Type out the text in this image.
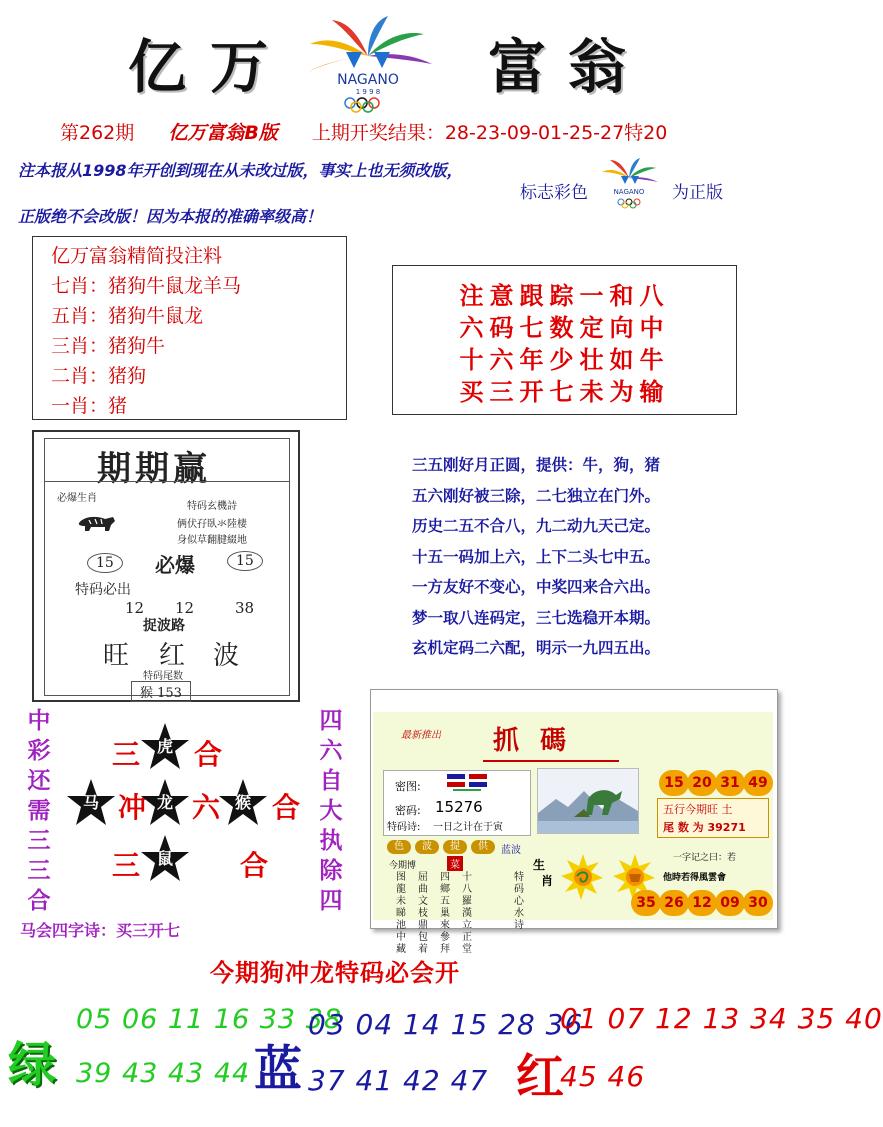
亿 万	NAGANO
1 9 9 8 富 翁
第262期 亿万富翁B版 上期开奖结果：28-23-09-01-25-27特20
注本报从1998年开创到现在从未改过版，事实上也无须改版，
正版绝不会改版！因为本报的准确率级高！
标志彩色	NAGANO 为正版
亿万富翁精简投注料
七肖：猪狗牛鼠龙羊马
五肖：猪狗牛鼠龙
三肖：猪狗牛
二肖：猪狗
一肖：猪
注意跟踪一和八
六码七数定向中
十六年少壮如牛
买三开七未为输
期期赢
必爆生肖
特码玄機詩
俩伏孖臥氺陸棲
身似草翻腱綴地
15	必爆	15
特码必出
12 12	38
捉波路
旺 红 波
特码尾数
猴 153
三五刚好月正圆，提供：牛，狗，猪
五六刚好被三除，二七独立在门外。
历史二五不合八，九二动九天己定。
十五一码加上六，上下二头七中五。
一方友好不变心，中奖四来合六出。
梦一取八连码定，三七选稳开本期。
玄机定码二六配，明示一九四五出。
中
彩
还
需
三
三
合
四
六
自
大
执
除
四
三	虎 合
马 冲 龙 六 猴 合
三	鼠	合
马会四字诗：买三开七
最新推出 抓 碼
密图:
密码: 15276
特码诗: 一日之计在于寅
15 20 31 49
五行今期旺 土
尾 数 为 39271
色	波	提	供	蓝波
今期博	菜	生
肖
图龍未睇池中藏
屈曲文枝鼎包着
四鄉五巢來參拜
十八羅漢立正堂
特码心水诗
一字记之曰：若
他時若得風雲會
35 26 12 09 30
今期狗冲龙特码必会开
绿
05 06 11 16 33 38
39 43 43 44 蓝
03 04 14 15 28 36
37 41 42 47 红
01 07 12 13 34 35 40
45 46
